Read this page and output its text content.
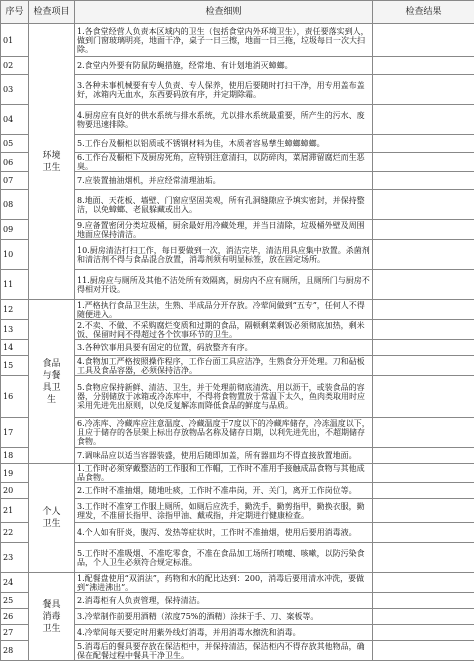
序号	检查项目	检查细则	检查结果
01	环境卫生	1.各食堂经营人负责本区域内的卫生（包括食堂内外环境卫生），责任要落实到人，做到门窗玻璃明亮，地面干净，桌子一日三擦，地面一日三拖，垃圾每日一次大扫除。	
02		2.食堂内外要有防鼠防蝇措施，经常地、有计划地消灭蟑螂。	
03		3.各种未事机械要有专人负责、专人保养，使用后要随时打扫干净，用专用盖布盖好，冰箱内无血水，东西要码放有序，并定期除霜。	
04		4.厨房应有良好的供水系统与排水系统，尤以排水系统最重要，所产生的污水、废物要迅速排除。	
05		5.工作台及橱柜以铝质或不锈钢材料为佳，木质者容易孳生蟑螂蟑螂。	
06		6.工作台及橱柜下及厨房死角，应特别注意清扫，以防碎肉，菜屑滞留腐烂而生恶臭。	
07		7.应装置抽油烟机，并应经常清理油垢。	
08		8.地面、天花板、墙壁、门窗应坚固美观，所有孔洞缝隙应予填实密封，并保持整洁，以免蟑螂、老鼠躲藏或出入。	
09		9.应备置密闭分类垃圾桶，厨余最好用冷藏处理，并当日清除，垃圾桶外壁及周围地面应保持清洁。	
10		10.厨房清洁打扫工作，每日要做到一次，消洁完毕，清洁用具应集中放置。杀菌剂和清洁剂不得与食品混合放置，消毒剂须有明显标签，放在固定场所。	
11		11.厨房应与厕所及其他不洁处所有效隔离，厨房内不应有厕所，且厕所门与厨房不得相对开设。	
12	食品与餐具卫生	1.严格执行食品卫生法，生熟、半成品分开存放。冷荤间做到“五专”，任何人不得随便进入。	
13		2.不卖、不做、不采购腐烂变质和过期的食品，隔顿剩菜剩饭必须彻底加热，剩米饭、保留时间不得超过各个饮事环节的卫生。	
14		3.各种饮事用具要有固定的位置，码放整齐有序。	
15		4.食物加工严格按照操作程序，工作台面工具应洁净，生熟食分开处理。刀和砧板工具及食品容器，必须保持洁净。	
16		5.食物应保持新鲜、清洁、卫生，并于处理前彻底清洗、用以沥干，或装食品的容器，分别储放于冰箱或冷冻库中，不得将食物置放于常温下太久，鱼肉类取用时应采用先进先出原则，以免反复解冻而降低食品的鲜度与品质。	
17		6.冷冻库、冷藏库应注意温度、冷藏温度于7度以下的冷藏库储存，冷冻温度以下，且应于储存的各层架上标出存放物品名称及储存日期，以利先进先出，不超期储存食物。	
18		7.调味品应以适当容器装盛，使用后随即加盖，所有器皿均不得直接放置地面。	
19	个人卫生	1.工作时必须穿戴整洁的工作服和工作帽，工作时不准用手接触成品食物与其他成品食物。	
20		2.工作时不准抽烟，随地吐痰，工作时不准串岗，开、关门，离开工作岗位等。	
21		3.工作时不准穿工作服上厕所，如厕后应洗手，勤洗手，勤剪指甲，勤换衣服，勤理发，不准留长指甲、涂指甲油、戴戒指，并定期进行健康检查。	
22		4.个人如有肝炎，腹泻、发热等症状时，工作时不准抽烟，使用后要用消毒液。	
23		5.工作时不准吸烟、不准吃零食，不准在食品加工场所打喷嚏、咳嗽，以防污染食品，个人卫生必须符合规定标准。	
24	餐具消毒卫生	1.配餐盘使用“双消法”，药物和水的配比达到：200，消毒后要用清水冲洗，要做到“沸进沸出”。	
25		2.消毒柜有人负责管理，保持清洁。	
26		3.冷荤制作前要用酒精（浓度75%的酒精）涂抹于手、刀、案板等。	
27		4.冷荤间每天要定时用紫外线灯消毒，并用消毒水擦洗和消毒。	
28		5.消毒后的餐具要存放在保洁柜中，并保持清洁，保洁柜内不得存放其他物品，确保在配餐过程中餐具干净卫生。	
